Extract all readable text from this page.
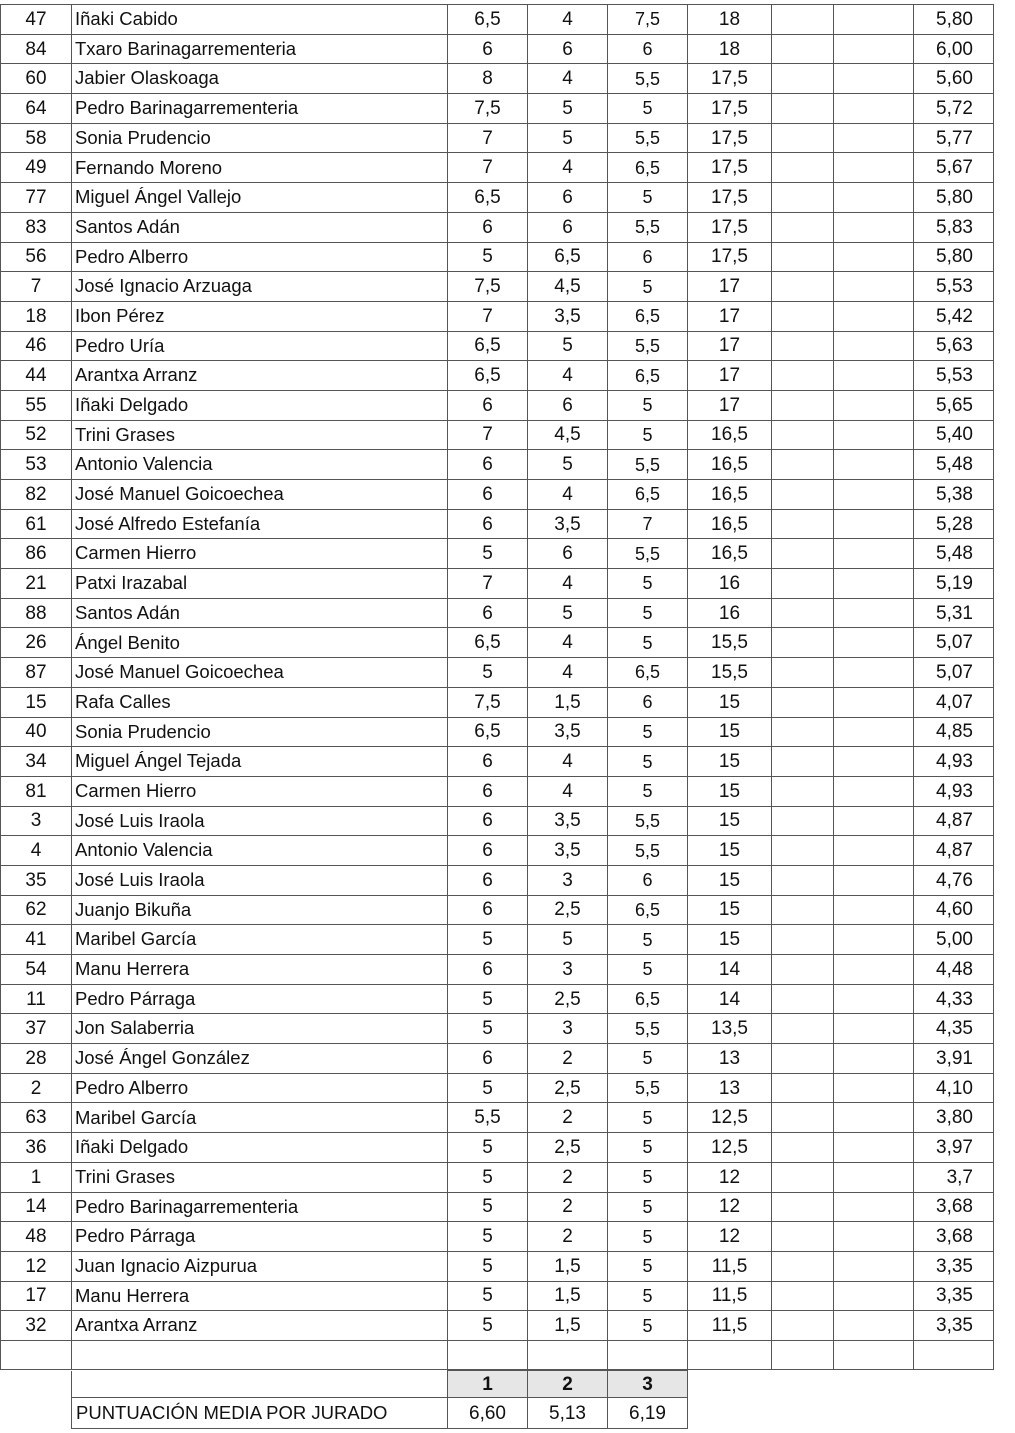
47	Iñaki Cabido	6,5	4	7,5	18			5,80
84	Txaro Barinagarrementeria	6	6	6	18			6,00
60	Jabier Olaskoaga	8	4	5,5	17,5			5,60
64	Pedro Barinagarrementeria	7,5	5	5	17,5			5,72
58	Sonia Prudencio	7	5	5,5	17,5			5,77
49	Fernando Moreno	7	4	6,5	17,5			5,67
77	Miguel Ángel Vallejo	6,5	6	5	17,5			5,80
83	Santos Adán	6	6	5,5	17,5			5,83
56	Pedro Alberro	5	6,5	6	17,5			5,80
7	José Ignacio Arzuaga	7,5	4,5	5	17			5,53
18	Ibon Pérez	7	3,5	6,5	17			5,42
46	Pedro Uría	6,5	5	5,5	17			5,63
44	Arantxa Arranz	6,5	4	6,5	17			5,53
55	Iñaki Delgado	6	6	5	17			5,65
52	Trini Grases	7	4,5	5	16,5			5,40
53	Antonio Valencia	6	5	5,5	16,5			5,48
82	José Manuel Goicoechea	6	4	6,5	16,5			5,38
61	José Alfredo Estefanía	6	3,5	7	16,5			5,28
86	Carmen Hierro	5	6	5,5	16,5			5,48
21	Patxi Irazabal	7	4	5	16			5,19
88	Santos Adán	6	5	5	16			5,31
26	Ángel Benito	6,5	4	5	15,5			5,07
87	José Manuel Goicoechea	5	4	6,5	15,5			5,07
15	Rafa Calles	7,5	1,5	6	15			4,07
40	Sonia Prudencio	6,5	3,5	5	15			4,85
34	Miguel Ángel Tejada	6	4	5	15			4,93
81	Carmen Hierro	6	4	5	15			4,93
3	José Luis Iraola	6	3,5	5,5	15			4,87
4	Antonio Valencia	6	3,5	5,5	15			4,87
35	José Luis Iraola	6	3	6	15			4,76
62	Juanjo Bikuña	6	2,5	6,5	15			4,60
41	Maribel García	5	5	5	15			5,00
54	Manu Herrera	6	3	5	14			4,48
11	Pedro Párraga	5	2,5	6,5	14			4,33
37	Jon Salaberria	5	3	5,5	13,5			4,35
28	José Ángel González	6	2	5	13			3,91
2	Pedro Alberro	5	2,5	5,5	13			4,10
63	Maribel García	5,5	2	5	12,5			3,80
36	Iñaki Delgado	5	2,5	5	12,5			3,97
1	Trini Grases	5	2	5	12			3,7
14	Pedro Barinagarrementeria	5	2	5	12			3,68
48	Pedro Párraga	5	2	5	12			3,68
12	Juan Ignacio Aizpurua	5	1,5	5	11,5			3,35
17	Manu Herrera	5	1,5	5	11,5			3,35
32	Arantxa Arranz	5	1,5	5	11,5			3,35

	1	2	3
PUNTUACIÓN MEDIA POR JURADO	6,60	5,13	6,19
